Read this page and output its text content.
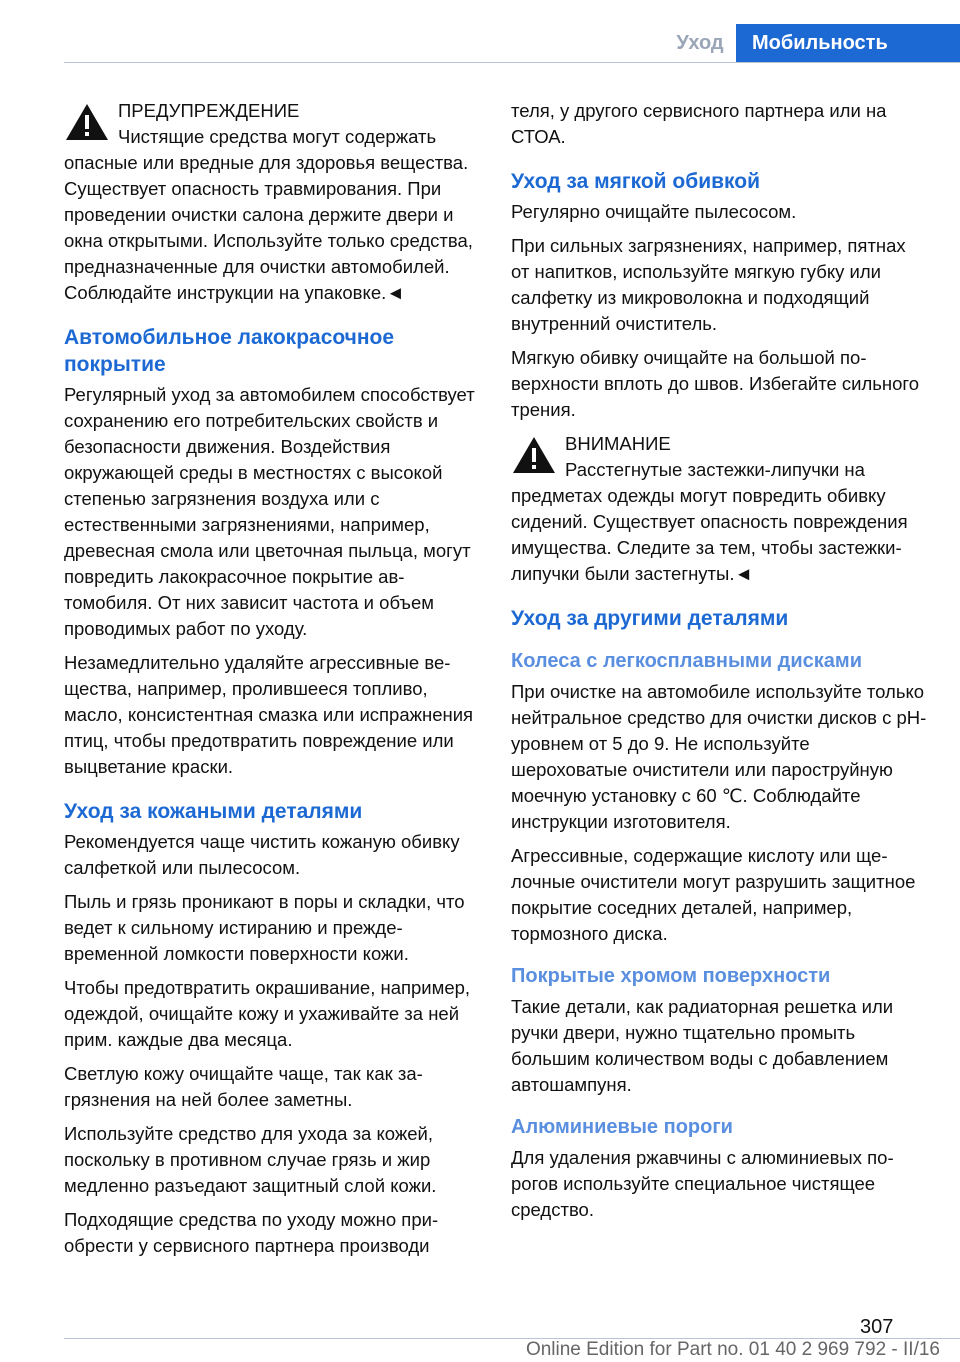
Уход	Мобильность
ПРЕДУПРЕЖДЕНИЕ
Чистящие средства могут содержать опасные или вредные для здоровья вещества. Существует опасность травмирования. При проведении очистки салона держите двери и окна открытыми. Используйте только средства, предназначенные для очистки автомобилей. Соблюдайте инструкции на упаковке.◄
Автомобильное лакокрасочное покрытие

Регулярный уход за автомобилем способствует сохранению его потребительских свойств и безопасности движения. Воздействия окружающей среды в местностях с высокой степенью загрязнения воздуха или с естественными загрязнениями, например, древесная смола или цветочная пыльца, могут повредить лакокрасочное покрытие автомобиля. От них зависит частота и объем проводимых работ по уходу.

Незамедлительно удаляйте агрессивные вещества, например, пролившееся топливо, масло, консистентная смазка или испражнения птиц, чтобы предотвратить повреждение или выцветание краски.

Уход за кожаными деталями

Рекомендуется чаще чистить кожаную обивку салфеткой или пылесосом.

Пыль и грязь проникают в поры и складки, что ведет к сильному истиранию и преждевременной ломкости поверхности кожи.

Чтобы предотвратить окрашивание, например, одеждой, очищайте кожу и ухаживайте за ней прим. каждые два месяца.

Светлую кожу очищайте чаще, так как загрязнения на ней более заметны.

Используйте средство для ухода за кожей, поскольку в противном случае грязь и жир медленно разъедают защитный слой кожи.

Подходящие средства по уходу можно приобрести у сервисного партнера производи

теля, у другого сервисного партнера или на СТОА.

Уход за мягкой обивкой

Регулярно очищайте пылесосом.

При сильных загрязнениях, например, пятнах от напитков, используйте мягкую губку или салфетку из микроволокна и подходящий внутренний очиститель.

Мягкую обивку очищайте на большой поверхности вплоть до швов. Избегайте сильного трения.

ВНИМАНИЕ
Расстегнутые застежки-липучки на предметах одежды могут повредить обивку сидений. Существует опасность повреждения имущества. Следите за тем, чтобы застежки-липучки были застегнуты.◄
Уход за другими деталями
Колеса с легкосплавными дисками

При очистке на автомобиле используйте только нейтральное средство для очистки дисков с pH-уровнем от 5 до 9. Не используйте шероховатые очистители или пароструйную моечную установку с 60 ℃. Соблюдайте инструкции изготовителя.

Агрессивные, содержащие кислоту или щелочные очистители могут разрушить защитное покрытие соседних деталей, например, тормозного диска.

Покрытые хромом поверхности

Такие детали, как радиаторная решетка или ручки двери, нужно тщательно промыть большим количеством воды с добавлением автошампуня.

Алюминиевые пороги

Для удаления ржавчины с алюминиевых порогов используйте специальное чистящее средство.

307
Online Edition for Part no. 01 40 2 969 792 - II/16
